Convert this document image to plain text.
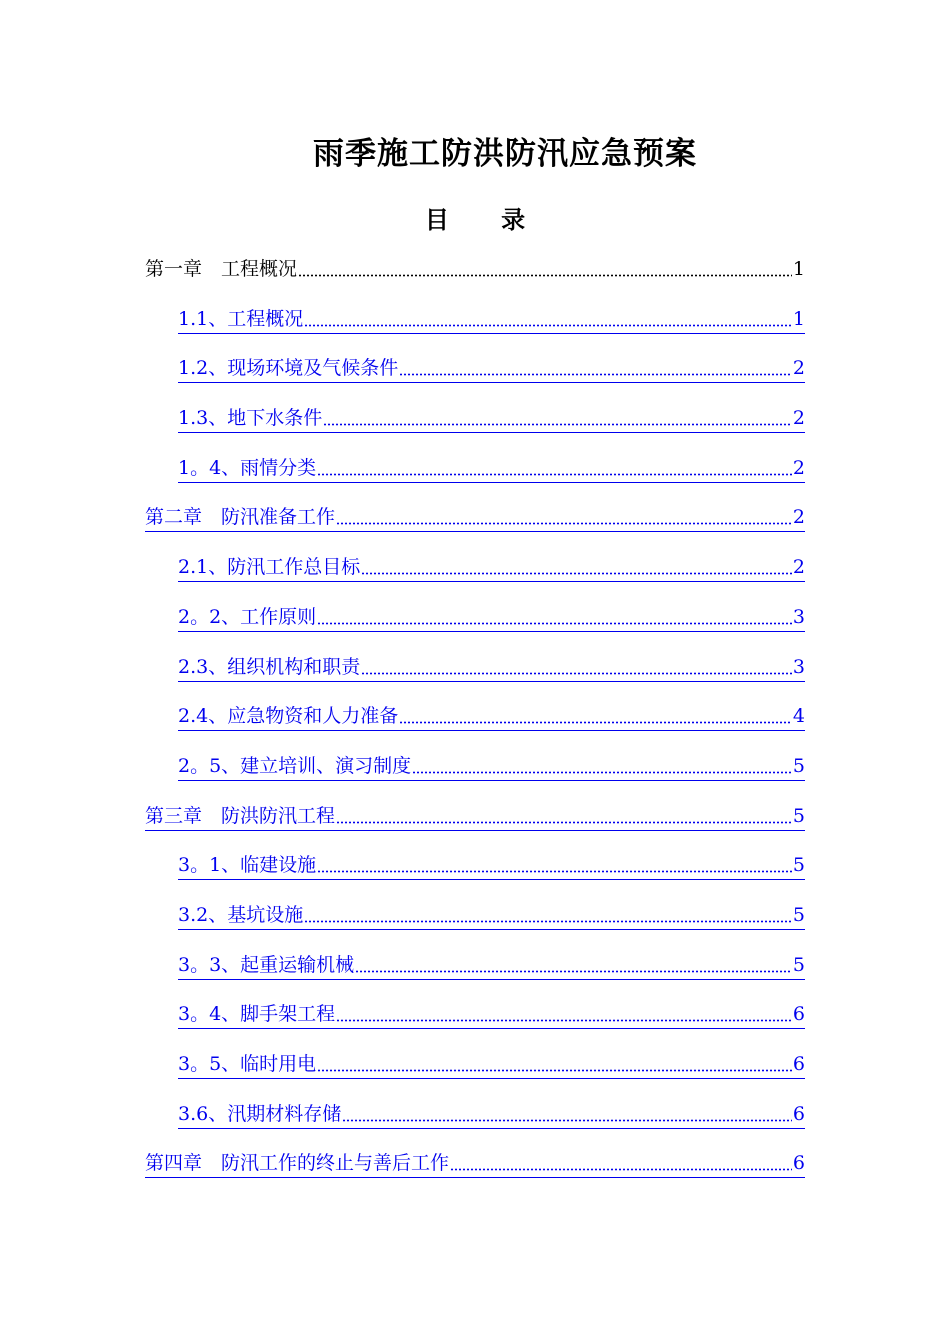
雨季施工防洪防汛应急预案
目 录
第一章　工程概况	1
1.1、工程概况	1
1.2、现场环境及气候条件	2
1.3、地下水条件	2
1。4、雨情分类	2
第二章　防汛准备工作	2
2.1、防汛工作总目标	2
2。2、工作原则	3
2.3、组织机构和职责	3
2.4、应急物资和人力准备	4
2。5、建立培训、演习制度	5
第三章　防洪防汛工程	5
3。1、临建设施	5
3.2、基坑设施	5
3。3、起重运输机械	5
3。4、脚手架工程	6
3。5、临时用电	6
3.6、汛期材料存储	6
第四章　防汛工作的终止与善后工作	6
